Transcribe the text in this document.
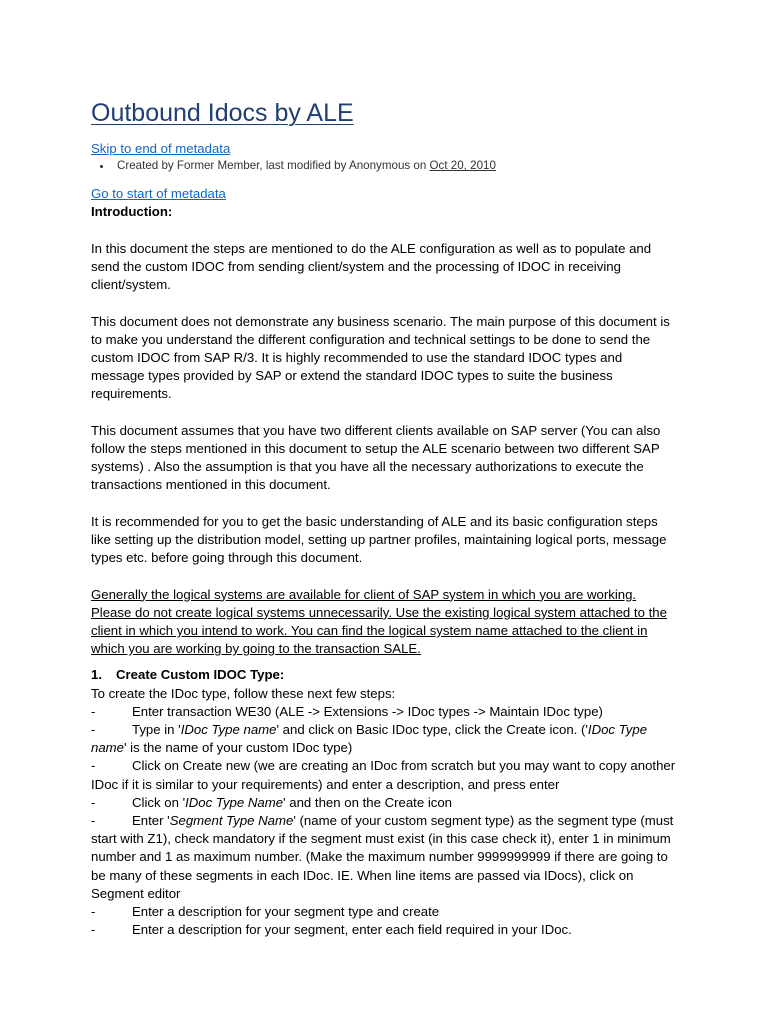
Outbound Idocs by ALE
Skip to end of metadata
• Created by Former Member, last modified by Anonymous on Oct 20, 2010
Go to start of metadata

Introduction:

In this document the steps are mentioned to do the ALE configuration as well as to populate and send the custom IDOC from sending client/system and the processing of IDOC in receiving client/system.

This document does not demonstrate any business scenario. The main purpose of this document is to make you understand the different configuration and technical settings to be done to send the custom IDOC from SAP R/3. It is highly recommended to use the standard IDOC types and message types provided by SAP or extend the standard IDOC types to suite the business requirements.

This document assumes that you have two different clients available on SAP server (You can also follow the steps mentioned in this document to setup the ALE scenario between two different SAP systems) . Also the assumption is that you have all the necessary authorizations to execute the transactions mentioned in this document.

It is recommended for you to get the basic understanding of ALE and its basic configuration steps like setting up the distribution model, setting up partner profiles, maintaining logical ports, message types etc. before going through this document.

Generally the logical systems are available for client of SAP system in which you are working. Please do not create logical systems unnecessarily. Use the existing logical system attached to the client in which you intend to work. You can find the logical system name attached to the client in which you are working by going to the transaction SALE.

1. Create Custom IDOC Type:

To create the IDoc type, follow these next few steps:

-	Enter transaction WE30 (ALE -> Extensions -> IDoc types -> Maintain IDoc type)

-	Type in 'IDoc Type name' and click on Basic IDoc type, click the Create icon. ('IDoc Type name' is the name of your custom IDoc type)

-	Click on Create new (we are creating an IDoc from scratch but you may want to copy another IDoc if it is similar to your requirements) and enter a description, and press enter

-	Click on 'IDoc Type Name' and then on the Create icon

-	Enter 'Segment Type Name' (name of your custom segment type) as the segment type (must start with Z1), check mandatory if the segment must exist (in this case check it), enter 1 in minimum number and 1 as maximum number. (Make the maximum number 9999999999 if there are going to be many of these segments in each IDoc. IE. When line items are passed via IDocs), click on Segment editor

-	Enter a description for your segment type and create

-	Enter a description for your segment, enter each field required in your IDoc.
